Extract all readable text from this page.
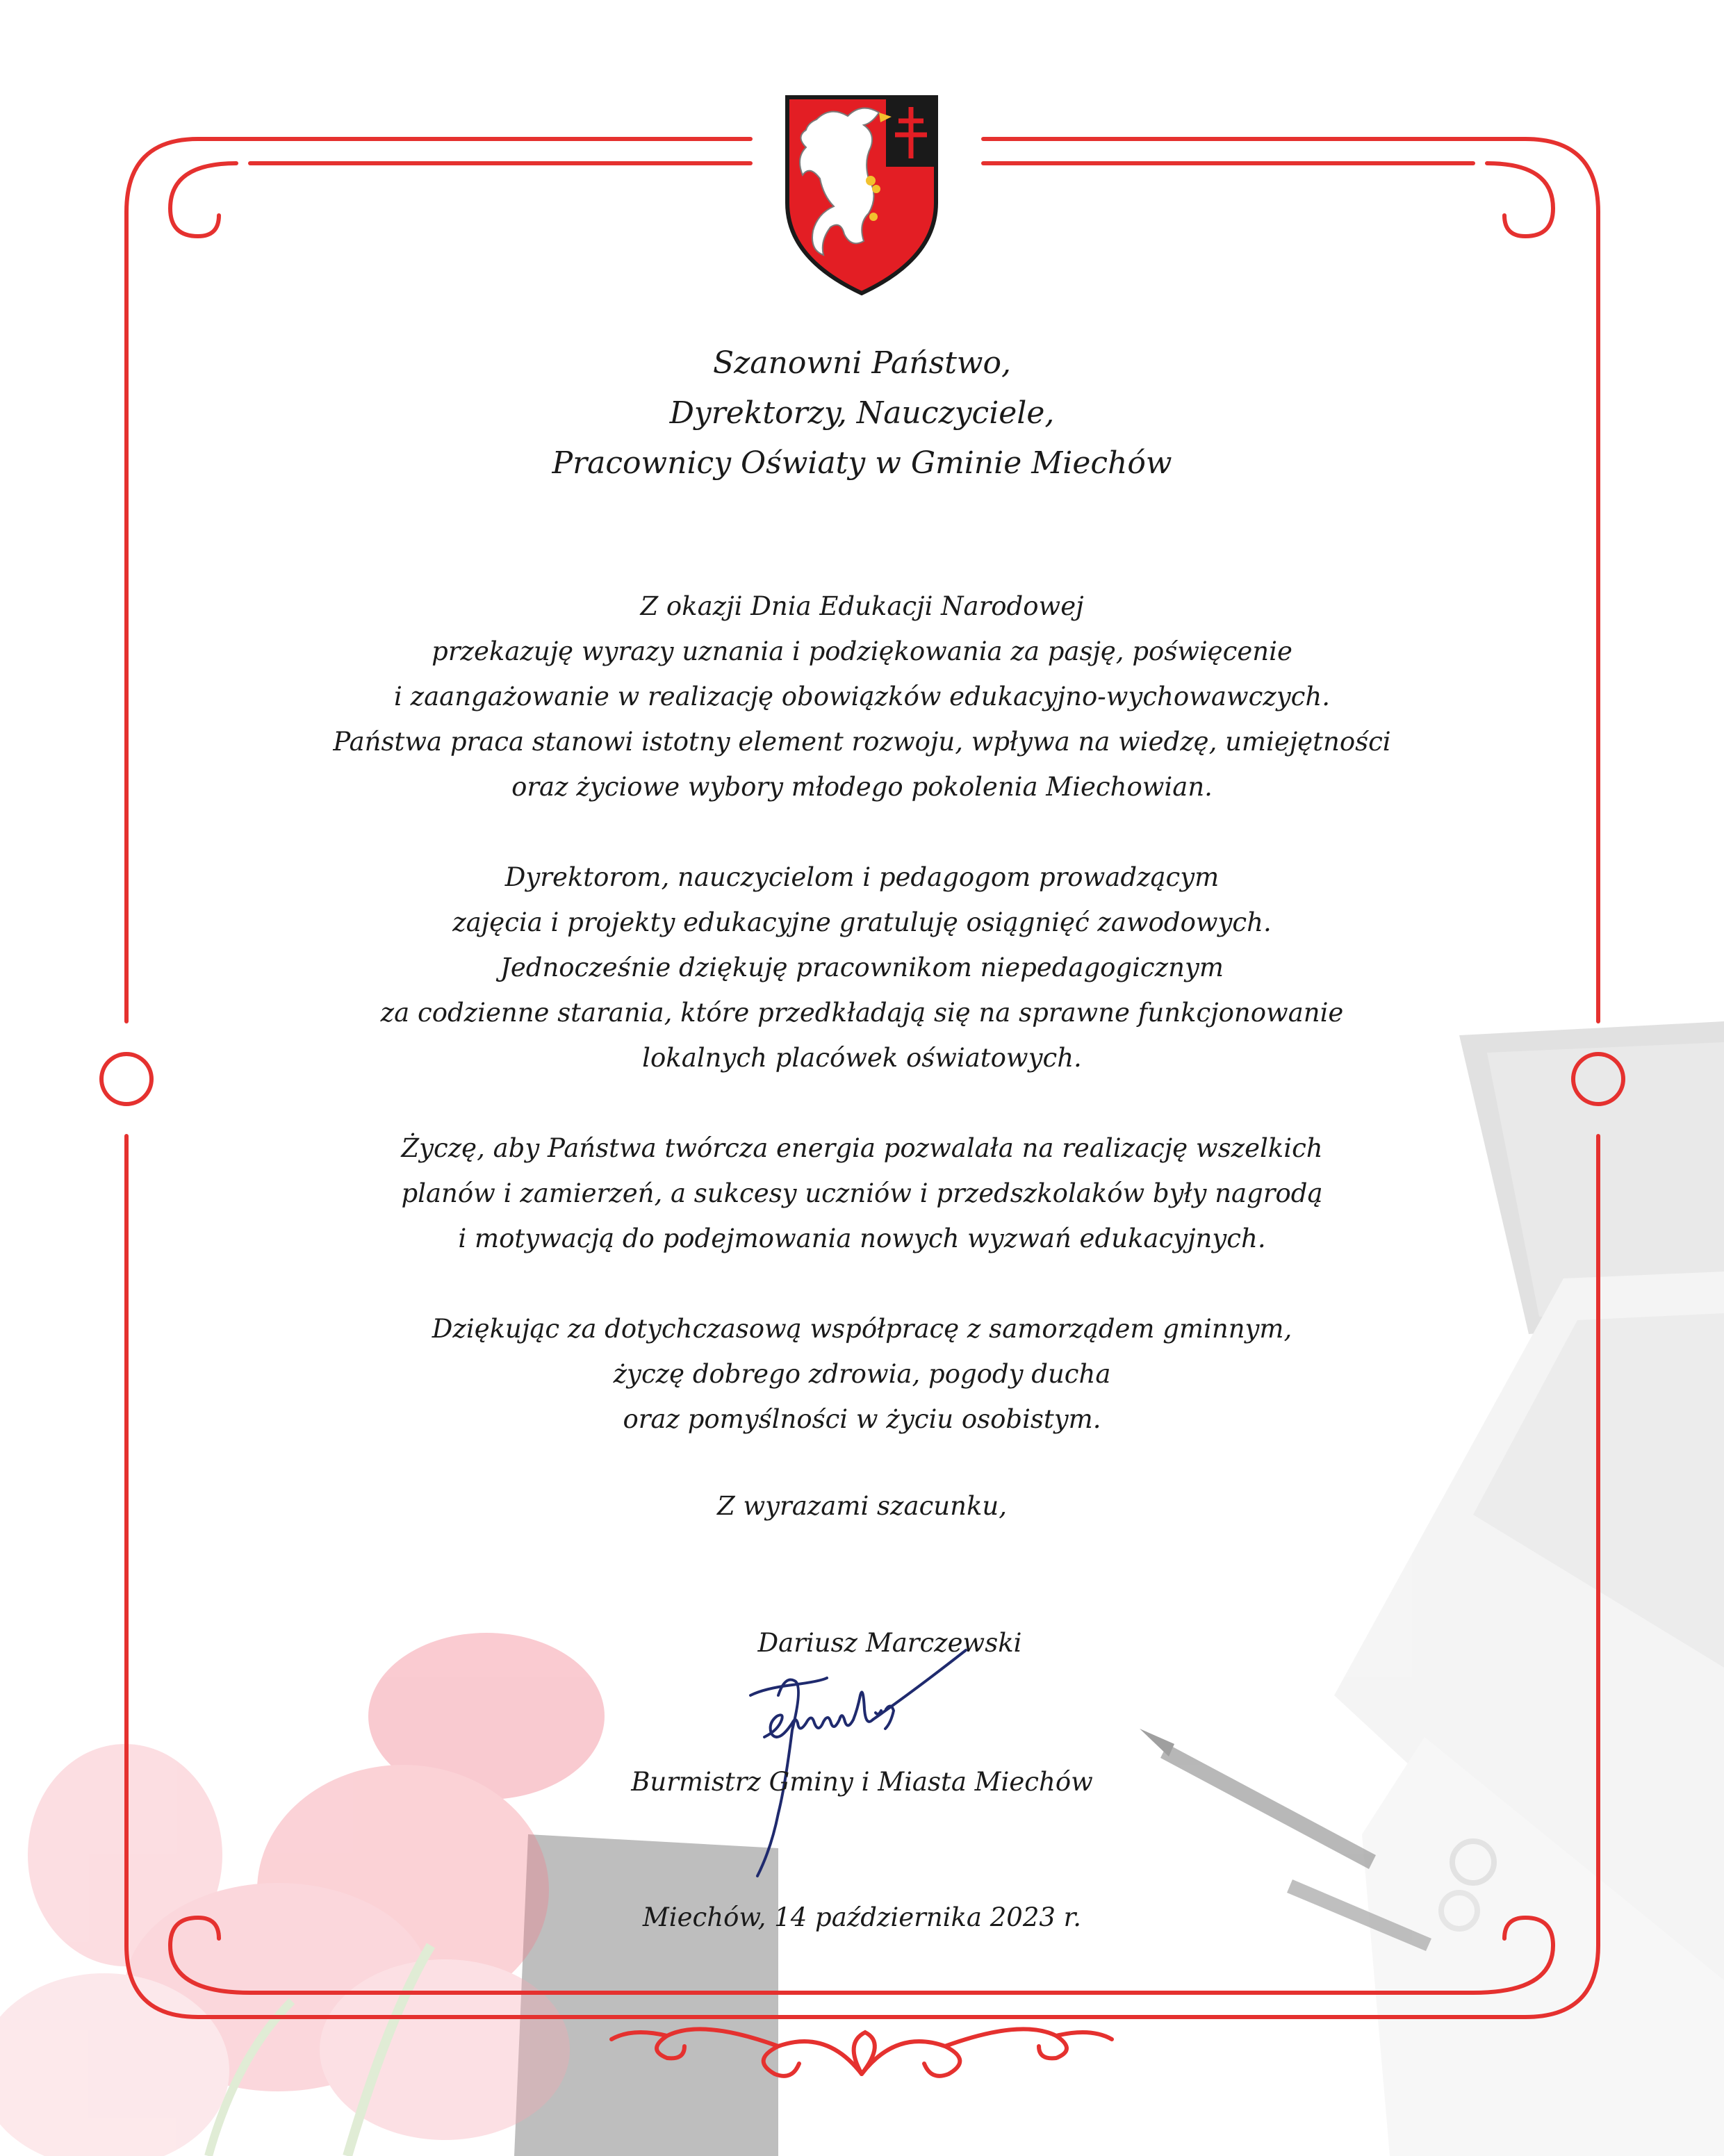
Szanowni Państwo,
Dyrektorzy, Nauczyciele,
Pracownicy Oświaty w Gminie Miechów

Z okazji Dnia Edukacji Narodowej
przekazuję wyrazy uznania i podziękowania za pasję, poświęcenie
i zaangażowanie w realizację obowiązków edukacyjno-wychowawczych.
Państwa praca stanowi istotny element rozwoju, wpływa na wiedzę, umiejętności
oraz życiowe wybory młodego pokolenia Miechowian.

Dyrektorom, nauczycielom i pedagogom prowadzącym
zajęcia i projekty edukacyjne gratuluję osiągnięć zawodowych.
Jednocześnie dziękuję pracownikom niepedagogicznym
za codzienne starania, które przedkładają się na sprawne funkcjonowanie
lokalnych placówek oświatowych.

Życzę, aby Państwa twórcza energia pozwalała na realizację wszelkich
planów i zamierzeń, a sukcesy uczniów i przedszkolaków były nagrodą
i motywacją do podejmowania nowych wyzwań edukacyjnych.

Dziękując za dotychczasową współpracę z samorządem gminnym,
życzę dobrego zdrowia, pogody ducha
oraz pomyślności w życiu osobistym.

Z wyrazami szacunku,
Dariusz Marczewski
Burmistrz Gminy i Miasta Miechów
Miechów, 14 października 2023 r.
